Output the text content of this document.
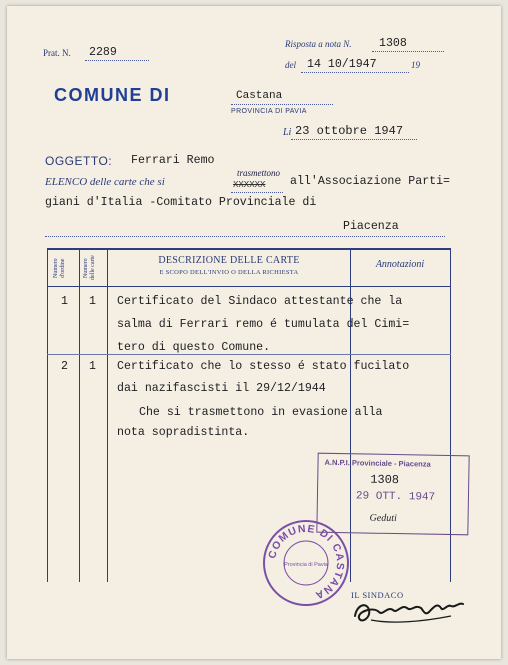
Prat. N. 2289
Risposta a nota N. 1308
del 14 10/1947	19
COMUNE DI	Castana
PROVINCIA DI PAVIA
Li 23 ottobre 1947
OGGETTO: Ferrari Remo
ELENCO delle carte che si
trasmettono
XXXXXX all'Associazione Parti=
giani d'Italia -Comitato Provinciale di
Piacenza
Numero d'ordine	Numero delle carte	DESCRIZIONE DELLE CARTE
E SCOPO DELL'INVIO O DELLA RICHIESTA
Annotazioni
1 1 Certificato del Sindaco attestante che la
salma di Ferrari remo é tumulata del Cimi=
tero di questo Comune.
2 1 Certificato che lo stesso é stato fucilato
dai nazifascisti il 29/12/1944
Che si trasmettono in evasione alla
nota sopradistinta.
A.N.P.I. Provinciale - Piacenza
1308
29 OTT. 1947
Geduti
COMUNE DI CASTANA
Provincia di Pavia
IL SINDACO
